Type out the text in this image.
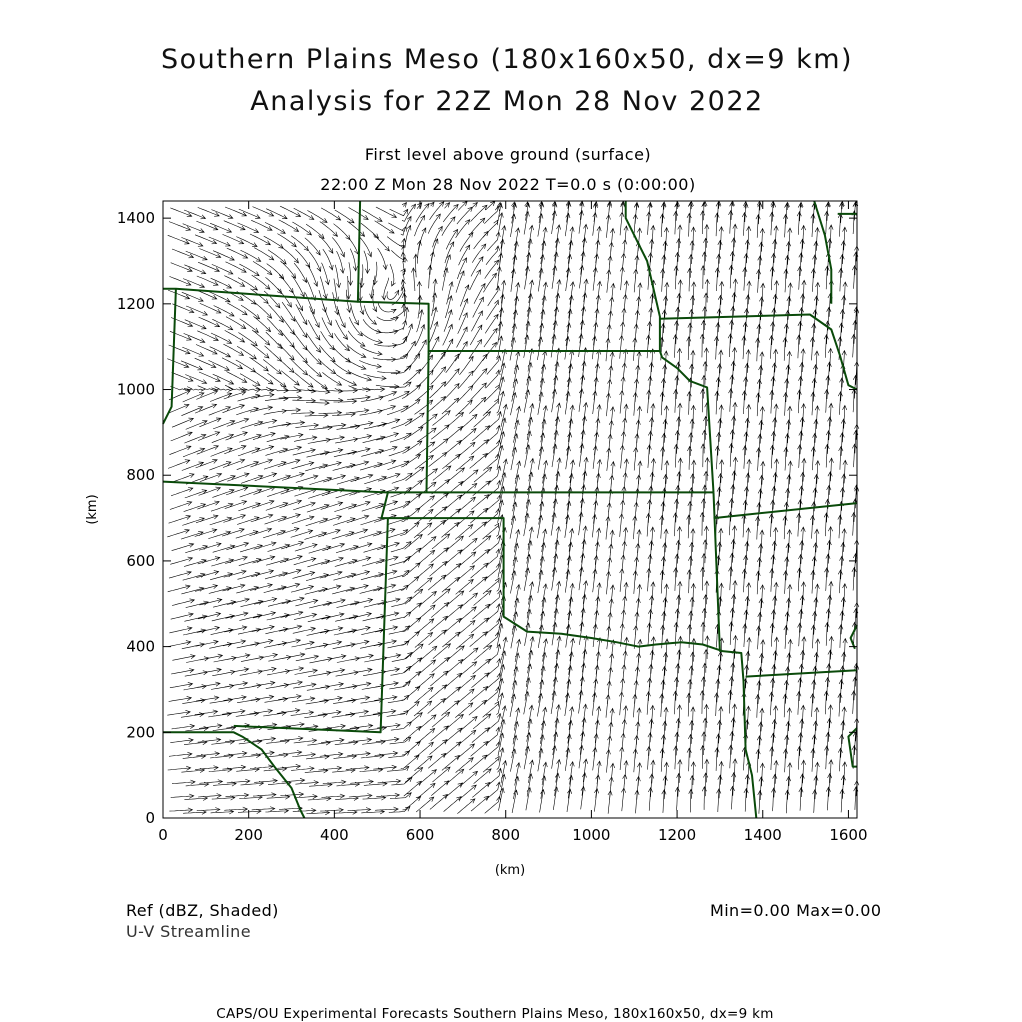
Southern Plains Meso (180x160x50, dx=9 km)
Analysis for 22Z Mon 28 Nov 2022
First level above ground (surface)
22:00 Z Mon 28 Nov 2022 T=0.0 s (0:00:00)
0	200	400	600	800	1000	1200	1400	1600
0
200
400
600
800
1000
1200
1400
(km)
(km)
Ref (dBZ, Shaded)
U-V Streamline
Min=0.00 Max=0.00
CAPS/OU Experimental Forecasts Southern Plains Meso, 180x160x50, dx=9 km
